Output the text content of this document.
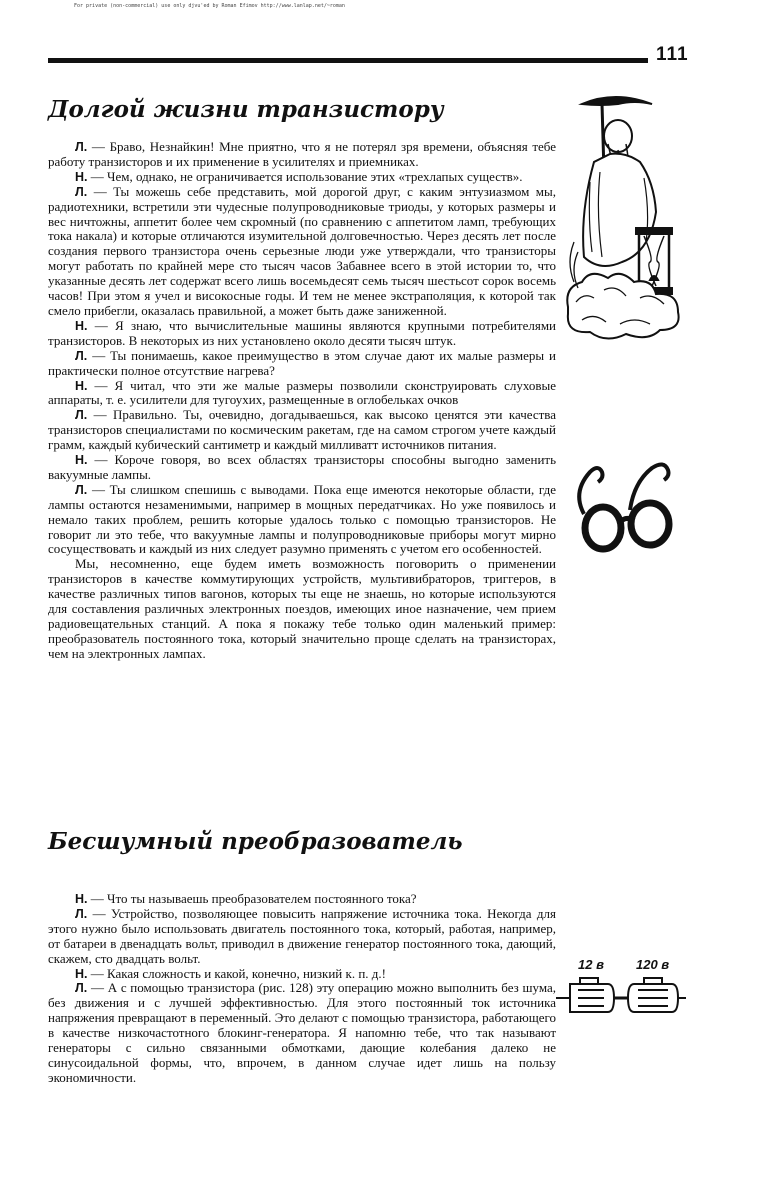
For private (non-commercial) use only djvu'ed by Roman Efimov http://www.lanlap.net/~roman
111
Долгой жизни транзистору

Л. — Браво, Незнайкин! Мне приятно, что я не потерял зря времени, объясняя тебе работу транзисторов и их применение в усилителях и приемниках.

Н. — Чем, однако, не ограничивается использование этих «трехлапых существ».

Л. — Ты можешь себе представить, мой дорогой друг, с каким энтузиазмом мы, радиотехники, встретили эти чудесные полупроводниковые триоды, у которых размеры и вес ничтожны, аппетит более чем скромный (по сравнению с аппетитом ламп, требующих тока накала) и которые отличаются изумительной долговечностью. Через десять лет после создания первого транзистора очень серьезные люди уже утверждали, что транзисторы могут работать по крайней мере сто тысяч часов Забавнее всего в этой истории то, что указанные десять лет содержат всего лишь восемьдесят семь тысяч шестьсот сорок восемь часов! При этом я учел и високосные годы. И тем не менее экстраполяция, к которой так смело прибегли, оказалась правильной, а может быть даже заниженной.

Н. — Я знаю, что вычислительные машины являются крупными потребителями транзисторов. В некоторых из них установлено около десяти тысяч штук.

Л. — Ты понимаешь, какое преимущество в этом случае дают их малые размеры и практически полное отсутствие нагрева?

Н. — Я читал, что эти же малые размеры позволили сконструировать слуховые аппараты, т. е. усилители для тугоухих, размещенные в оглобельках очков

Л. — Правильно. Ты, очевидно, догадываешься, как высоко ценятся эти качества транзисторов специалистами по космическим ракетам, где на самом строгом учете каждый грамм, каждый кубический сантиметр и каждый милливатт источников питания.

Н. — Короче говоря, во всех областях транзисторы способны выгодно заменить вакуумные лампы.

Л. — Ты слишком спешишь с выводами. Пока еще имеются некоторые области, где лампы остаются незаменимыми, например в мощных передатчиках. Но уже появилось и немало таких проблем, решить которые удалось только с помощью транзисторов. Не говорит ли это тебе, что вакуумные лампы и полупроводниковые приборы могут мирно сосуществовать и каждый из них следует разумно применять с учетом его особенностей.

Мы, несомненно, еще будем иметь возможность поговорить о применении транзисторов в качестве коммутирующих устройств, мультивибраторов, триггеров, в качестве различных типов вагонов, которых ты еще не знаешь, но которые используются для составления различных электронных поездов, имеющих иное назначение, чем прием радиовещательных станций. А пока я покажу тебе только один маленький пример: преобразователь постоянного тока, который значительно проще сделать на транзисторах, чем на электронных лампах.

Бесшумный преобразователь

Н. — Что ты называешь преобразователем постоянного тока?

Л. — Устройство, позволяющее повысить напряжение источника тока. Некогда для этого нужно было использовать двигатель постоянного тока, который, работая, например, от батареи в двенадцать вольт, приводил в движение генератор постоянного тока, дающий, скажем, сто двадцать вольт.

Н. — Какая сложность и какой, конечно, низкий к. п. д.!

Л. — А с помощью транзистора (рис. 128) эту операцию можно выполнить без шума, без движения и с лучшей эффективностью. Для этого постоянный ток источника напряжения превращают в переменный. Это делают с помощью транзистора, работающего в качестве низкочастотного блокинг-генератора. Я напомню тебе, что так называют генераторы с сильно связанными обмотками, дающие колебания далеко не синусоидальной формы, что, впрочем, в данном случае идет лишь на пользу экономичности.

12 в 120 в
